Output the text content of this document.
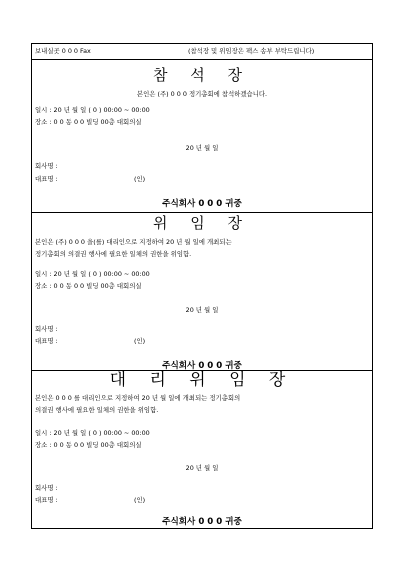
보내실곳 0 0 0 Fax	(참석장 및 위임장은 팩스 송부 부탁드립니다)
참 석 장
본인은 (주) 0 0 0 정기총회에 참석하겠습니다.
일시 : 20 년 월 일 ( 0 ) 00:00 ~ 00:00
장소 : 0 0 동 0 0 빌딩 00층 대회의실
20 년 월 일
회사명 :
대표명 :	(인)
주식회사 0 0 0 귀중
위 임 장
본인은 (주) 0 0 0 을(를) 대리인으로 지정하여 20 년 월 일에 개최되는
정기총회의 의결권 행사에 필요한 일체의 권한을 위임함.
일시 : 20 년 월 일 ( 0 ) 00:00 ~ 00:00
장소 : 0 0 동 0 0 빌딩 00층 대회의실
20 년 월 일
회사명 :
대표명 :	(인)
주식회사 0 0 0 귀중
대 리 위 임 장
본인은 0 0 0 를 대리인으로 지정하여 20 년 월 일에 개최되는 정기총회의
의결권 행사에 필요한 일체의 권한을 위임함.
일시 : 20 년 월 일 ( 0 ) 00:00 ~ 00:00
장소 : 0 0 동 0 0 빌딩 00층 대회의실
20 년 월 일
회사명 :
대표명 :	(인)
주식회사 0 0 0 귀중
